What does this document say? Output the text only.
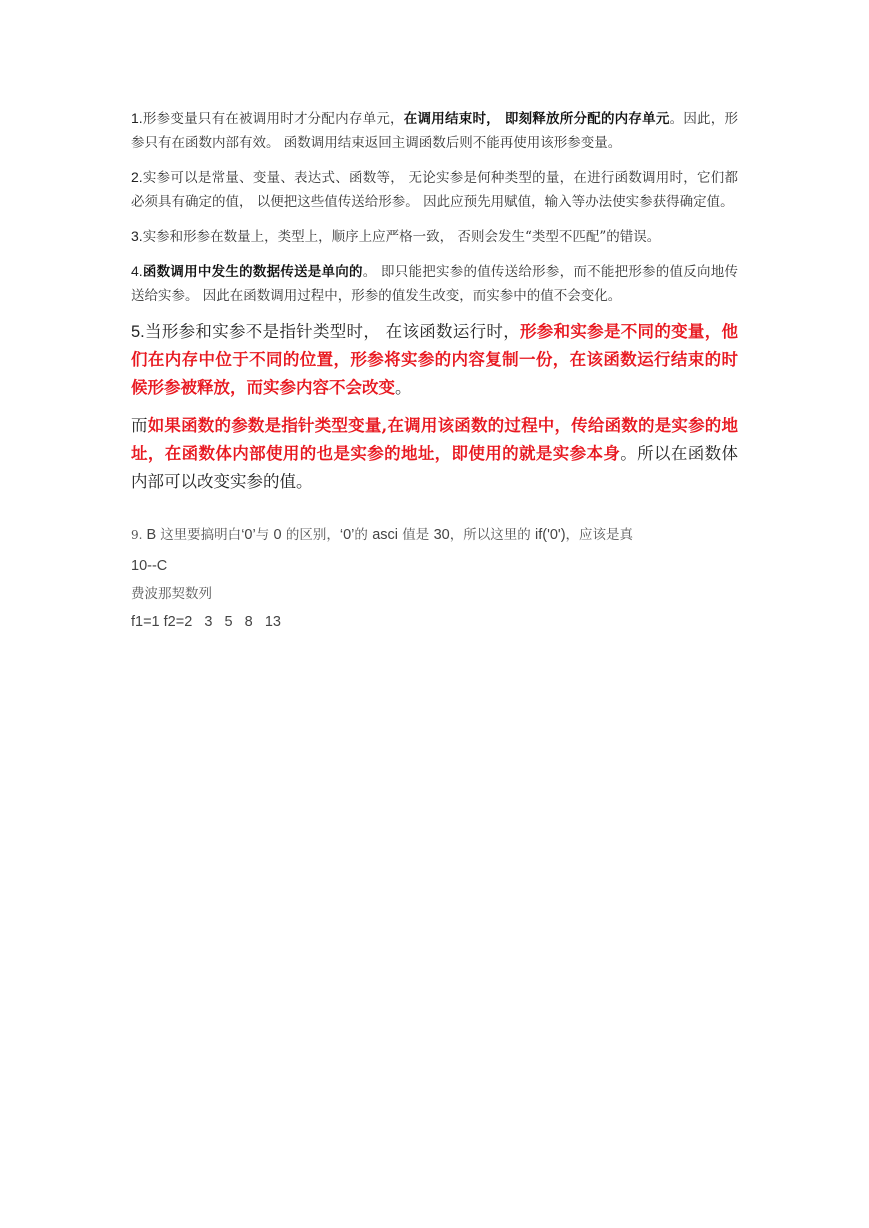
1.形参变量只有在被调用时才分配内存单元，在调用结束时， 即刻释放所分配的内存单元。因此，形参只有在函数内部有效。 函数调用结束返回主调函数后则不能再使用该形参变量。

2.实参可以是常量、变量、表达式、函数等， 无论实参是何种类型的量，在进行函数调用时，它们都必须具有确定的值， 以便把这些值传送给形参。 因此应预先用赋值，输入等办法使实参获得确定值。

3.实参和形参在数量上，类型上，顺序上应严格一致， 否则会发生“类型不匹配”的错误。

4.函数调用中发生的数据传送是单向的。 即只能把实参的值传送给形参，而不能把形参的值反向地传送给实参。 因此在函数调用过程中，形参的值发生改变，而实参中的值不会变化。

5.当形参和实参不是指针类型时， 在该函数运行时，形参和实参是不同的变量，他们在内存中位于不同的位置，形参将实参的内容复制一份，在该函数运行结束的时候形参被释放，而实参内容不会改变。

而如果函数的参数是指针类型变量,在调用该函数的过程中，传给函数的是实参的地址，在函数体内部使用的也是实参的地址，即使用的就是实参本身。所以在函数体内部可以改变实参的值。

9. B 这里要搞明白‘0’与 0 的区别，‘0’的 asci 值是 30，所以这里的 if('0')，应该是真

10--C

费波那契数列

f1=1 f2=2   3   5   8   13
